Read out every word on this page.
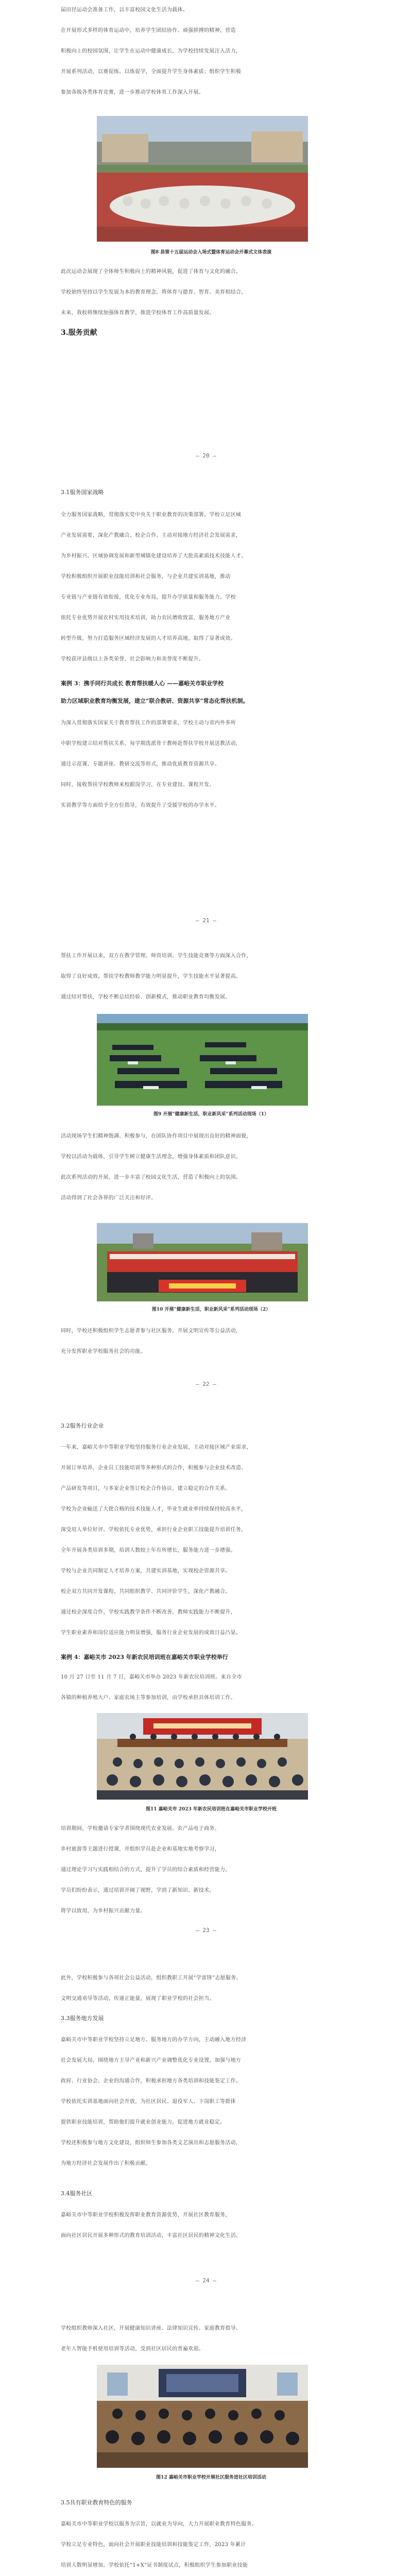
届田径运动会准备工作，以丰富校园文化生活为载体。

在开展形式多样的体育运动中，培养学生团结协作、顽强拼搏的精神，营造

积极向上的校园氛围，让学生在运动中健康成长，为学校持续发展注入活力，

开展系列活动，以赛促练、以练促学，全面提升学生身体素质；组织学生积极

参加各级各类体育竞赛，进一步推动学校体育工作深入开展。

图8 县第十五届运动会入场式暨体育运动会开幕式文体表演

此次运动会展现了全体师生积极向上的精神风貌，促进了体育与文化的融合。

学校始终坚持以学生发展为本的教育理念，将体育与德育、智育、美育相结合，

未来，我校将继续加强体育教学，推进学校体育工作高质量发展。

3.服务贡献
— 20 —
3.1服务国家战略

全力服务国家战略，贯彻落实党中央关于职业教育的决策部署。学校立足区域

产业发展需要，深化产教融合、校企合作，主动对接地方经济社会发展需求，

为乡村振兴、区域协调发展和新型城镇化建设培养了大批高素质技术技能人才。

学校积极组织开展职业技能培训和社会服务，与企业共建实训基地，推动

专业链与产业链有效衔接，优化专业布局，提升办学质量和服务能力。学校

依托专业优势开展农村实用技术培训，助力农民增收致富，服务地方产业

转型升级，努力打造服务区域经济发展的人才培养高地，取得了显著成效。

学校获评县级以上各类荣誉，社会影响力和美誉度不断提升。

案例 3：携手同行共成长 教育帮扶暖人心 ——嘉峪关市职业学校
助力区域职业教育均衡发展，建立“联合教研、资源共享”常态化帮扶机制。

为深入贯彻落实国家关于教育帮扶工作的部署要求，学校主动与省内外多所

中职学校建立结对帮扶关系，每学期选派骨干教师赴帮扶学校开展送教活动，

通过示范课、专题讲座、教研交流等形式，推动优质教育资源共享。

同时，接收帮扶学校教师来校跟岗学习，在专业建设、课程开发、

实训教学等方面给予全方位指导，有效提升了受援学校的办学水平。

— 21 —

帮扶工作开展以来，双方在教学管理、师资培训、学生技能竞赛等方面深入合作，

取得了良好成效。帮扶学校教师教学能力明显提升，学生技能水平显著提高。

通过结对帮扶，学校不断总结经验、创新模式，推动职业教育均衡发展。

图9 开展“健康新生活，职业新风采”系列活动现场（1）

活动现场学生们精神饱满、积极参与，在团队协作项目中展现出良好的精神面貌，

学校以活动为载体，引导学生树立健康生活理念，增强身体素质和团队意识。

此次系列活动的开展，进一步丰富了校园文化生活，营造了积极向上的氛围。

活动得到了社会各界的广泛关注和好评。

图10 开展“健康新生活，职业新风采”系列活动现场（2）

同时，学校还积极组织学生志愿者参与社区服务，开展文明宣传等公益活动，

充分发挥职业学校服务社会的功能。

— 22 —
3.2服务行业企业

一年来，嘉峪关市中等职业学校坚持服务行业企业发展，主动对接区域产业需求，

开展订单培养、企业员工技能培训等多种形式的合作，积极参与企业技术改造、

产品研发等项目，与多家企业签订校企合作协议，建立稳定的合作关系。

学校为企业输送了大批合格的技术技能人才，毕业生就业率持续保持较高水平，

深受用人单位好评。学校依托专业优势，承担行业企业职工技能提升培训任务，

全年开展各类培训多期，培训人数较上年有所增长，服务能力进一步增强。

学校与企业共同制定人才培养方案，共建实训基地，实现校企资源共享。

校企双方共同开发课程、共同组织教学、共同评价学生，深化产教融合。

通过校企深度合作，学校实践教学条件不断改善，教师实践能力不断提升，

学生职业素养和岗位适应能力明显增强，服务行业企业发展的成效日益凸显。

案例 4：嘉峪关市 2023 年新农民培训班在嘉峪关市职业学校举行

10 月 27 日至 11 月 7 日，嘉峪关市举办 2023 年新农民培训班。来自全市

各镇的种植养殖大户、家庭农场主等参加培训，由学校承担具体培训工作。

图11 嘉峪关市 2023 年新农民培训班在嘉峪关市职业学校开班

培训期间，学校邀请专家学者围绕现代农业发展、农产品电子商务、

乡村旅游等主题进行授课，并组织学员赴企业和基地实地考察学习，

通过理论学习与实践相结合的方式，提升了学员的综合素质和经营能力。

学员们纷纷表示，通过培训开阔了视野，学到了新知识、新技术，

将学以致用，为乡村振兴贡献力量。

— 23 —

此外，学校积极参与各项社会公益活动，组织教职工开展“学雷锋”志愿服务、

文明交通劝导等活动，传递正能量，展现了职业学校的社会担当。

3.3服务地方发展

嘉峪关市中等职业学校坚持立足地方、服务地方的办学方向，主动融入地方经济

社会发展大局，围绕地方主导产业和新兴产业调整优化专业设置，加强与地方

政府、行业协会、企业的沟通合作，积极承担地方各类培训和技能鉴定工作。

学校依托实训基地面向社会开放，为社区居民、退役军人、下岗职工等群体

提供职业技能培训，帮助他们提升就业创业能力，促进地方就业稳定。

学校还积极参与地方文化建设，组织师生参加各类文艺演出和志愿服务活动，

为地方经济社会发展作出了积极贡献。

3.4服务社区

嘉峪关市中等职业学校积极发挥职业教育资源优势，开展社区教育服务，

面向社区居民开展多种形式的教育培训活动，丰富社区居民的精神文化生活。

— 24 —

学校组织教师深入社区，开展健康知识讲座、法律知识宣传、家庭教育指导、

老年人智能手机使用培训等活动，受到社区居民的普遍欢迎。

图12 嘉峪关市职业学校开展社区服务进社区培训活动
3.5具有职业教育特色的服务

嘉峪关市中等职业学校以服务为宗旨，以就业为导向，大力开展职业教育特色服务。

学校立足专业特色，面向社会开展职业技能培训和技能鉴定工作，2023 年累计

培训人数明显增加。学校依托“1+X”证书制度试点，积极组织学生参加职业技能
